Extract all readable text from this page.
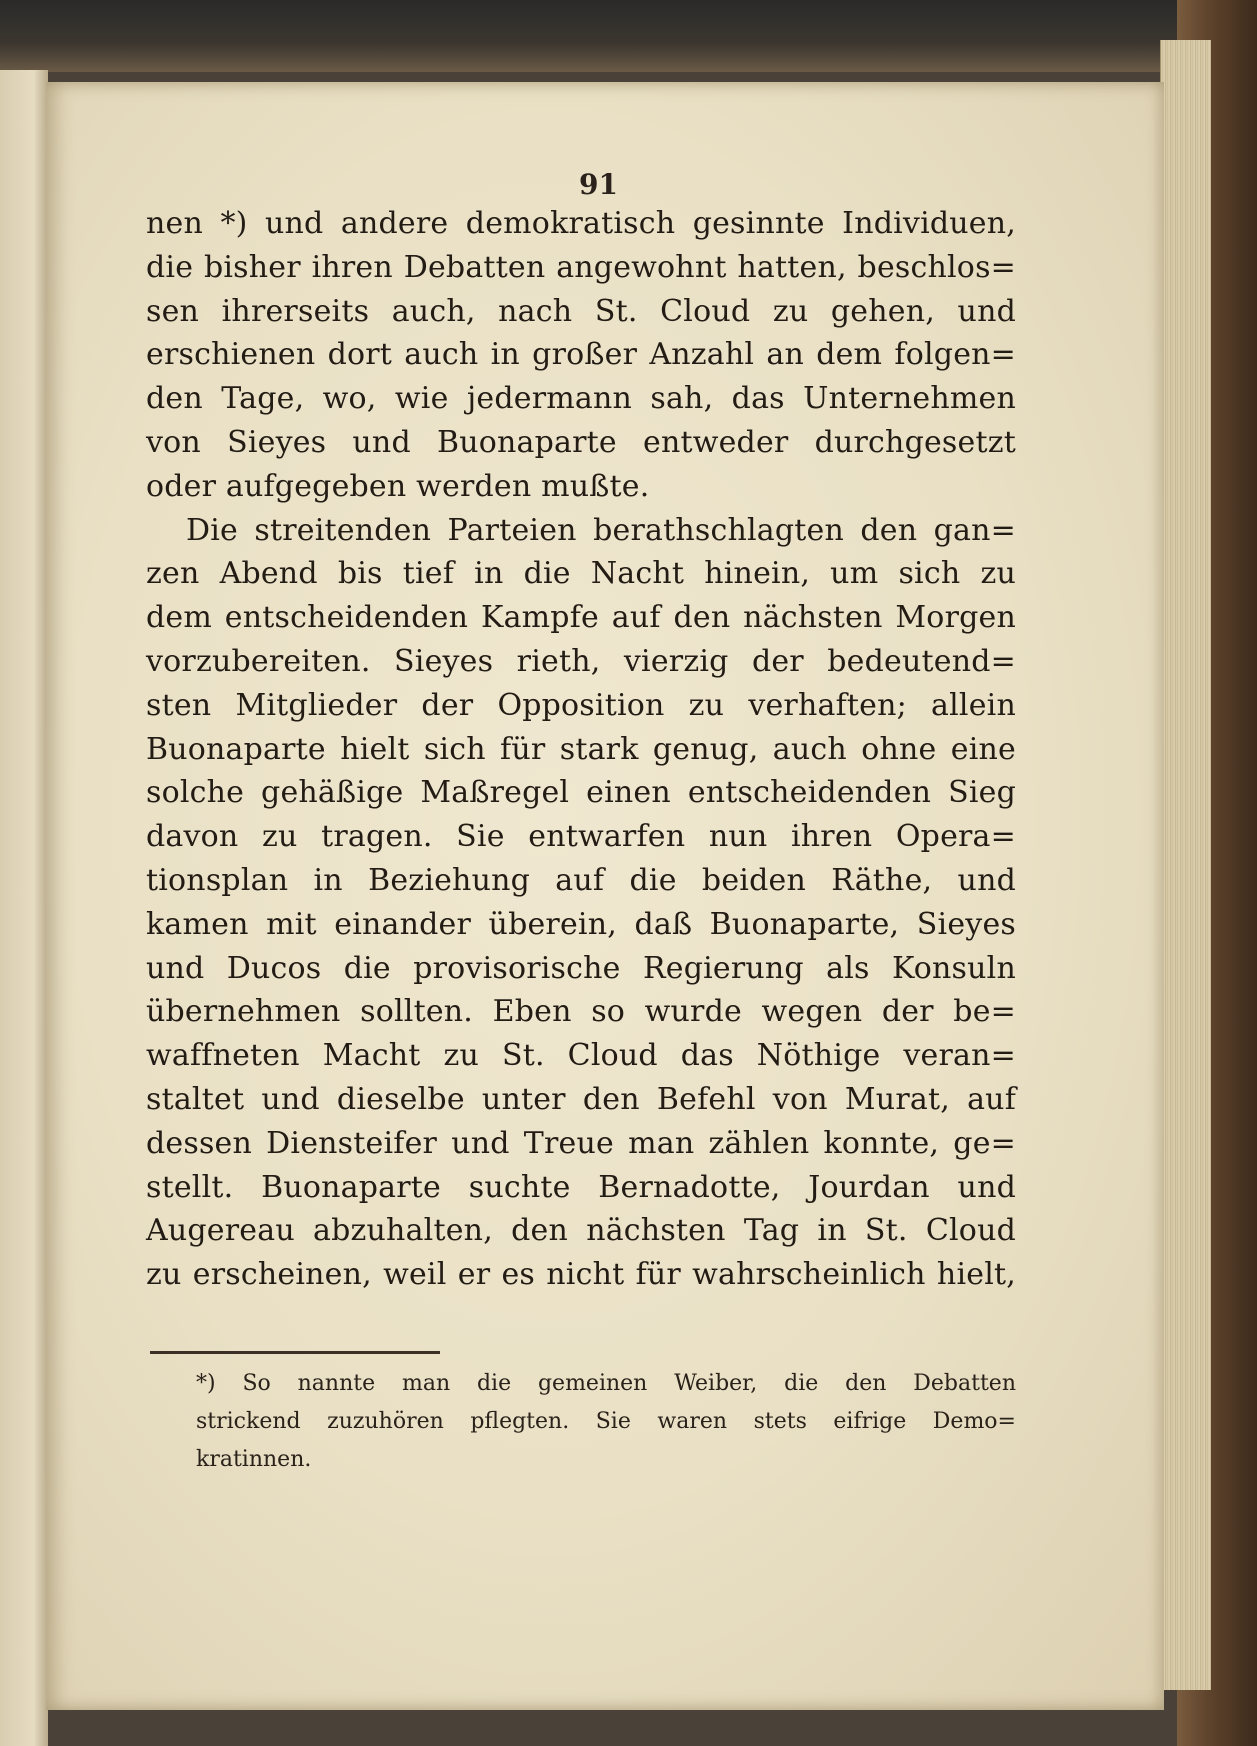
91
nen *) und andere demokratisch gesinnte Individuen,
die bisher ihren Debatten angewohnt hatten, beschlos=
sen ihrerseits auch, nach St. Cloud zu gehen, und
erschienen dort auch in großer Anzahl an dem folgen=
den Tage, wo, wie jedermann sah, das Unternehmen
von Sieyes und Buonaparte entweder durchgesetzt
oder aufgegeben werden mußte.
Die streitenden Parteien berathschlagten den gan=
zen Abend bis tief in die Nacht hinein, um sich zu
dem entscheidenden Kampfe auf den nächsten Morgen
vorzubereiten. Sieyes rieth, vierzig der bedeutend=
sten Mitglieder der Opposition zu verhaften; allein
Buonaparte hielt sich für stark genug, auch ohne eine
solche gehäßige Maßregel einen entscheidenden Sieg
davon zu tragen. Sie entwarfen nun ihren Opera=
tionsplan in Beziehung auf die beiden Räthe, und
kamen mit einander überein, daß Buonaparte, Sieyes
und Ducos die provisorische Regierung als Konsuln
übernehmen sollten. Eben so wurde wegen der be=
waffneten Macht zu St. Cloud das Nöthige veran=
staltet und dieselbe unter den Befehl von Murat, auf
dessen Diensteifer und Treue man zählen konnte, ge=
stellt. Buonaparte suchte Bernadotte, Jourdan und
Augereau abzuhalten, den nächsten Tag in St. Cloud
zu erscheinen, weil er es nicht für wahrscheinlich hielt,
*) So nannte man die gemeinen Weiber, die den Debatten
strickend zuzuhören pflegten. Sie waren stets eifrige Demo=
kratinnen.
